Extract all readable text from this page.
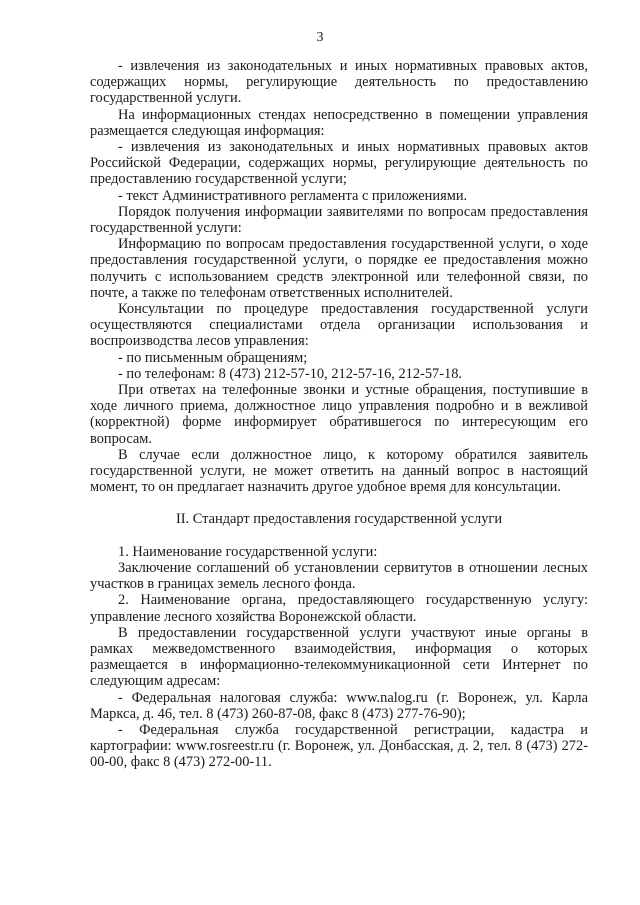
3

- извлечения из законодательных и иных нормативных правовых актов, содержащих нормы, регулирующие деятельность по предоставлению государственной услуги.

На информационных стендах непосредственно в помещении управления размещается следующая информация:

- извлечения из законодательных и иных нормативных правовых актов Российской Федерации, содержащих нормы, регулирующие деятельность по предоставлению государственной услуги;

- текст Административного регламента с приложениями.

Порядок получения информации заявителями по вопросам предоставления государственной услуги:

Информацию по вопросам предоставления государственной услуги, о ходе предоставления государственной услуги, о порядке ее предоставления можно получить с использованием средств электронной или телефонной связи, по почте, а также по телефонам ответственных исполнителей.

Консультации по процедуре предоставления государственной услуги осуществляются специалистами отдела организации использования и воспроизводства лесов управления:

- по письменным обращениям;

- по телефонам: 8 (473) 212-57-10, 212-57-16, 212-57-18.

При ответах на телефонные звонки и устные обращения, поступившие в ходе личного приема, должностное лицо управления подробно и в вежливой (корректной) форме информирует обратившегося по интересующим его вопросам.

В случае если должностное лицо, к которому обратился заявитель государственной услуги, не может ответить на данный вопрос в настоящий момент, то он предлагает назначить другое удобное время для консультации.

II. Стандарт предоставления государственной услуги

1. Наименование государственной услуги:

Заключение соглашений об установлении сервитутов в отношении лесных участков в границах земель лесного фонда.

2. Наименование органа, предоставляющего государственную услугу: управление лесного хозяйства Воронежской области.

В предоставлении государственной услуги участвуют иные органы в рамках межведомственного взаимодействия, информация о которых размещается в информационно-телекоммуникационной сети Интернет по следующим адресам:

- Федеральная налоговая служба: www.nalog.ru (г. Воронеж, ул. Карла Маркса, д. 46, тел. 8 (473) 260-87-08, факс 8 (473) 277-76-90);

- Федеральная служба государственной регистрации, кадастра и картографии: www.rosreestr.ru (г. Воронеж, ул. Донбасская, д. 2, тел. 8 (473) 272-00-00, факс 8 (473) 272-00-11.
